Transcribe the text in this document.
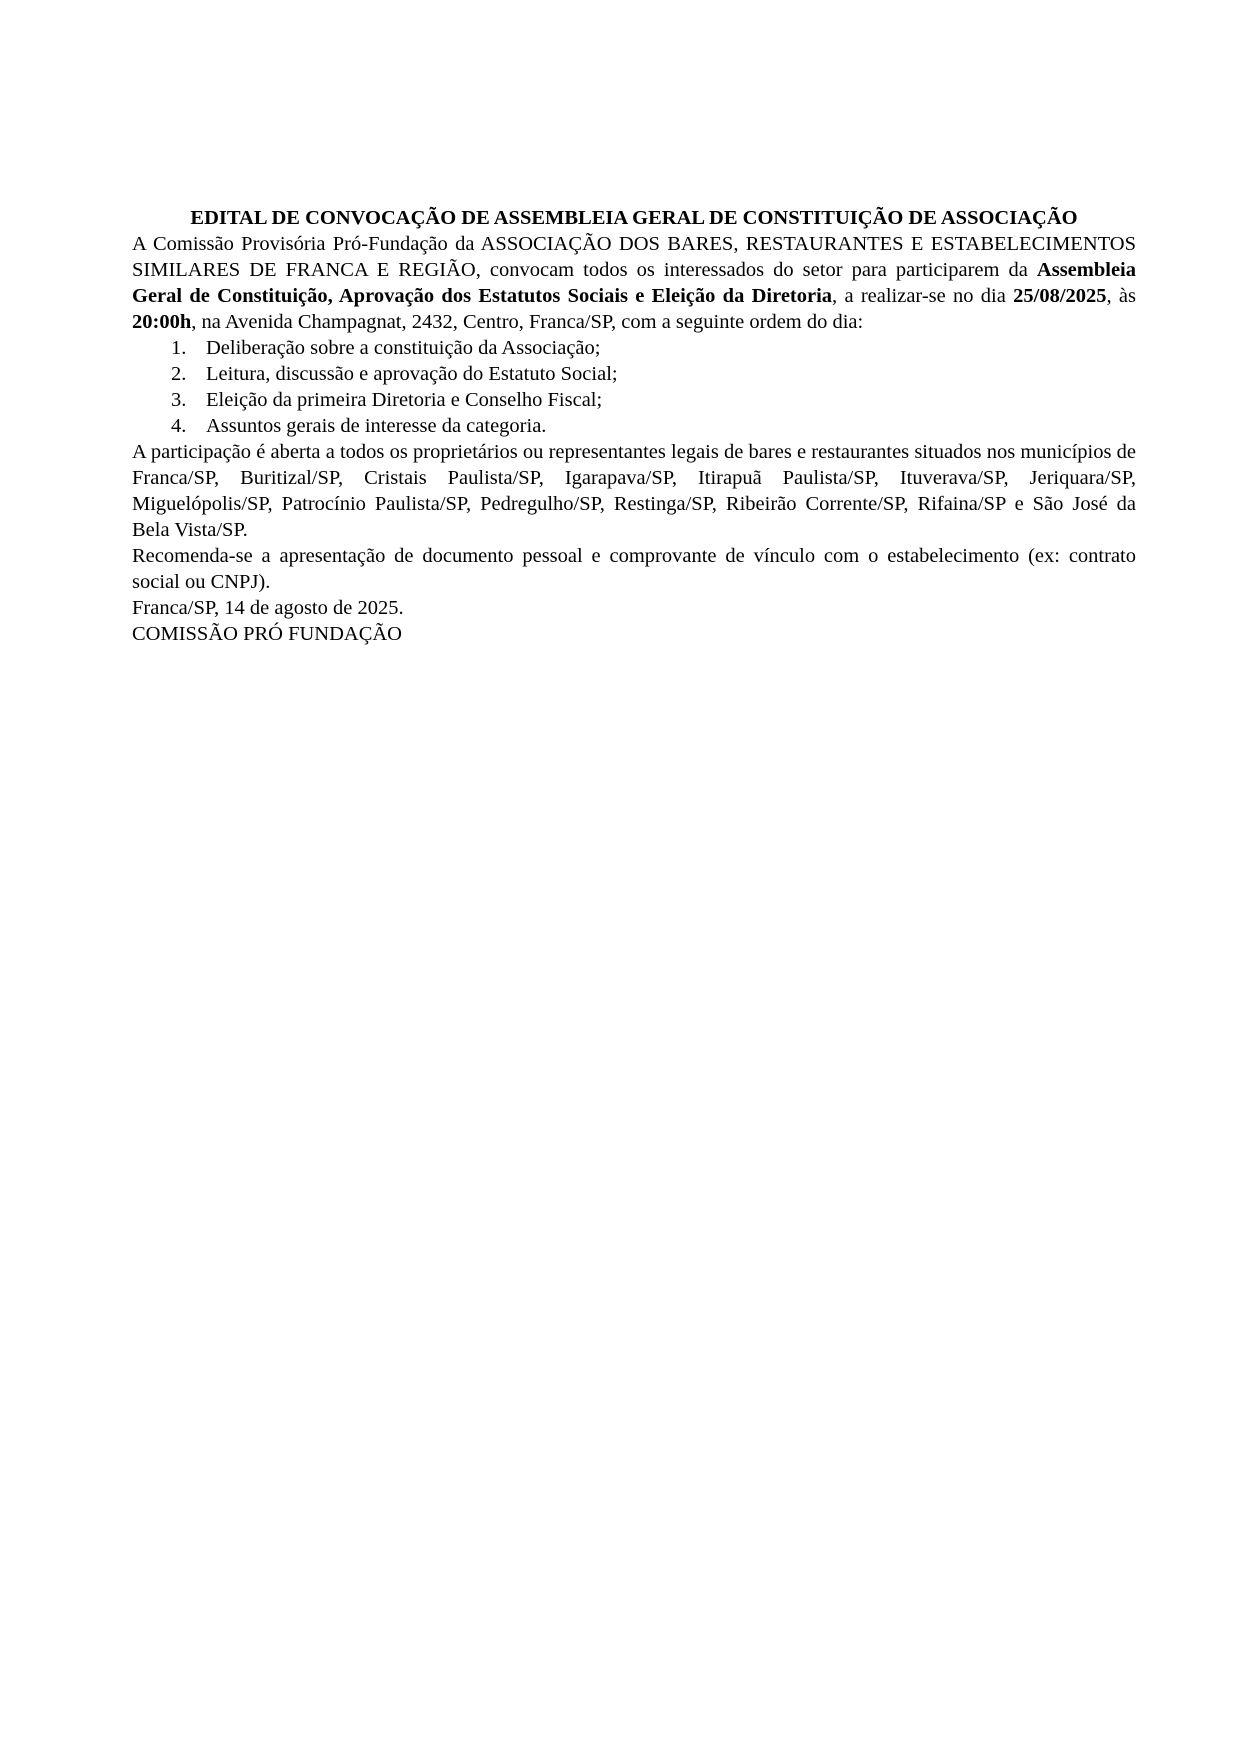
EDITAL DE CONVOCAÇÃO DE ASSEMBLEIA GERAL DE CONSTITUIÇÃO DE ASSOCIAÇÃO

A Comissão Provisória Pró-Fundação da ASSOCIAÇÃO DOS BARES, RESTAURANTES E ESTABELECIMENTOS SIMILARES DE FRANCA E REGIÃO, convocam todos os interessados do setor para participarem da Assembleia Geral de Constituição, Aprovação dos Estatutos Sociais e Eleição da Diretoria, a realizar-se no dia 25/08/2025, às 20:00h, na Avenida Champagnat, 2432, Centro, Franca/SP, com a seguinte ordem do dia:

1. Deliberação sobre a constituição da Associação;
2. Leitura, discussão e aprovação do Estatuto Social;
3. Eleição da primeira Diretoria e Conselho Fiscal;
4. Assuntos gerais de interesse da categoria.

A participação é aberta a todos os proprietários ou representantes legais de bares e restaurantes situados nos municípios de Franca/SP, Buritizal/SP, Cristais Paulista/SP, Igarapava/SP, Itirapuã Paulista/SP, Ituverava/SP, Jeriquara/SP, Miguelópolis/SP, Patrocínio Paulista/SP, Pedregulho/SP, Restinga/SP, Ribeirão Corrente/SP, Rifaina/SP e São José da Bela Vista/SP.

Recomenda-se a apresentação de documento pessoal e comprovante de vínculo com o estabelecimento (ex: contrato social ou CNPJ).

Franca/SP, 14 de agosto de 2025.

COMISSÃO PRÓ FUNDAÇÃO
